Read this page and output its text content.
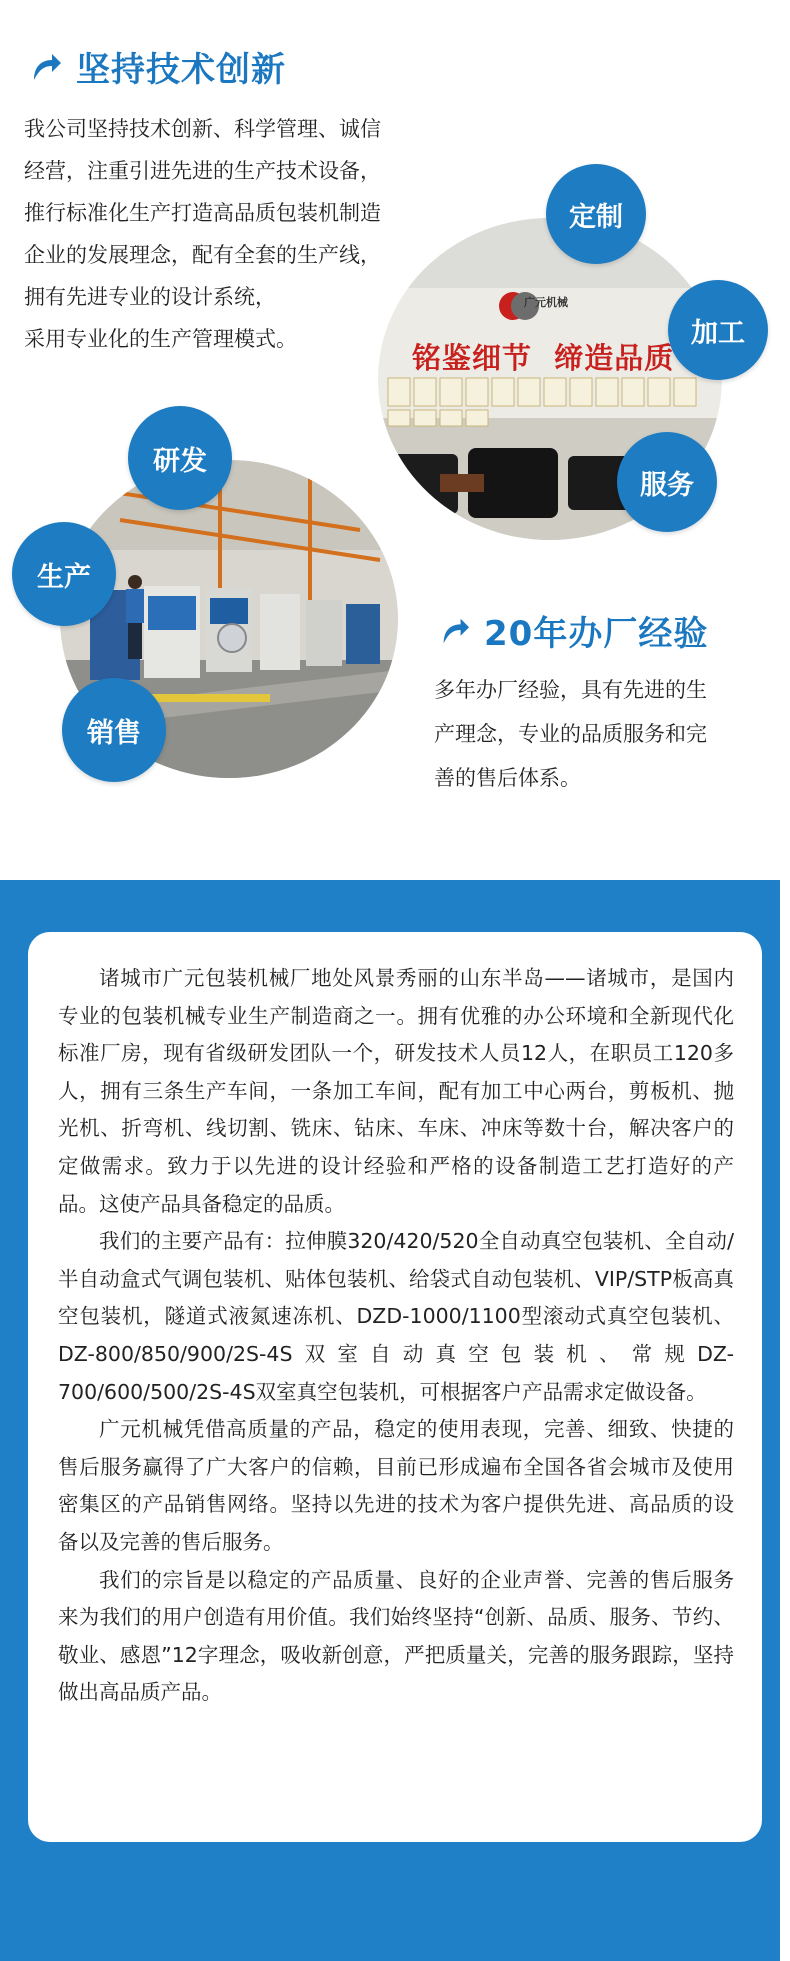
坚持技术创新
我公司坚持技术创新、科学管理、诚信
经营，注重引进先进的生产技术设备，
推行标准化生产打造高品质包装机制造
企业的发展理念，配有全套的生产线，
拥有先进专业的设计系统，
采用专业化的生产管理模式。
广元机械
铭鉴细节  缔造品质
定制
加工
服务
研发
生产
销售
20年办厂经验
多年办厂经验，具有先进的生
产理念，专业的品质服务和完
善的售后体系。

诸城市广元包装机械厂地处风景秀丽的山东半岛——诸城市，是国内专业的包装机械专业生产制造商之一。拥有优雅的办公环境和全新现代化标准厂房，现有省级研发团队一个，研发技术人员12人，在职员工120多人，拥有三条生产车间，一条加工车间，配有加工中心两台，剪板机、抛光机、折弯机、线切割、铣床、钻床、车床、冲床等数十台，解决客户的定做需求。致力于以先进的设计经验和严格的设备制造工艺打造好的产品。这使产品具备稳定的品质。

我们的主要产品有：拉伸膜320/420/520全自动真空包装机、全自动/半自动盒式气调包装机、贴体包装机、给袋式自动包装机、VIP/STP板高真空包装机，隧道式液氮速冻机、DZD-1000/1100型滚动式真空包装机、DZ-800/850/900/2S-4S双室自动真空包装机、常规DZ-700/600/500/2S-4S双室真空包装机，可根据客户产品需求定做设备。

广元机械凭借高质量的产品，稳定的使用表现，完善、细致、快捷的售后服务赢得了广大客户的信赖，目前已形成遍布全国各省会城市及使用密集区的产品销售网络。坚持以先进的技术为客户提供先进、高品质的设备以及完善的售后服务。

我们的宗旨是以稳定的产品质量、良好的企业声誉、完善的售后服务来为我们的用户创造有用价值。我们始终坚持“创新、品质、服务、节约、敬业、感恩”12字理念，吸收新创意，严把质量关，完善的服务跟踪，坚持做出高品质产品。
